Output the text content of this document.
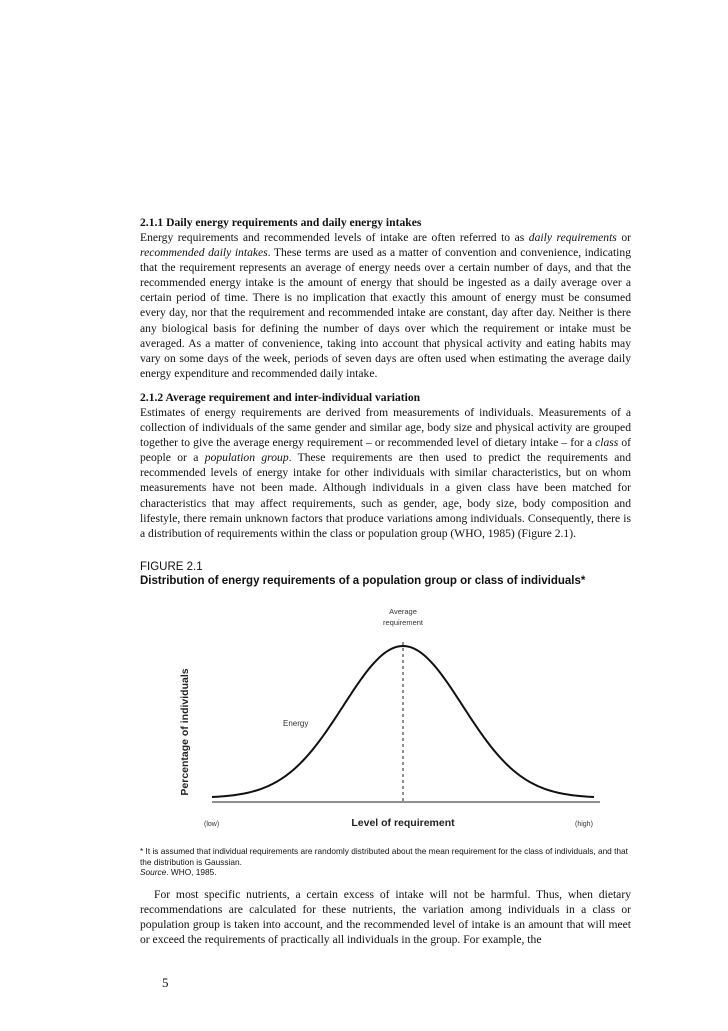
2.1.1 Daily energy requirements and daily energy intakes

Energy requirements and recommended levels of intake are often referred to as daily requirements or recommended daily intakes. These terms are used as a matter of convention and convenience, indicating that the requirement represents an average of energy needs over a certain number of days, and that the recommended energy intake is the amount of energy that should be ingested as a daily average over a certain period of time. There is no implication that exactly this amount of energy must be consumed every day, nor that the requirement and recommended intake are constant, day after day. Neither is there any biological basis for defining the number of days over which the requirement or intake must be averaged. As a matter of convenience, taking into account that physical activity and eating habits may vary on some days of the week, periods of seven days are often used when estimating the average daily energy expenditure and recommended daily intake.

2.1.2 Average requirement and inter-individual variation

Estimates of energy requirements are derived from measurements of individuals. Measurements of a collection of individuals of the same gender and similar age, body size and physical activity are grouped together to give the average energy requirement – or recommended level of dietary intake – for a class of people or a population group. These requirements are then used to predict the requirements and recommended levels of energy intake for other individuals with similar characteristics, but on whom measurements have not been made. Although individuals in a given class have been matched for characteristics that may affect requirements, such as gender, age, body size, body composition and lifestyle, there remain unknown factors that produce variations among individuals. Consequently, there is a distribution of requirements within the class or population group (WHO, 1985) (Figure 2.1).

FIGURE 2.1
Distribution of energy requirements of a population group or class of individuals*
Average
requirement
Energy
Percentage of individuals
Level of requirement
(low)	(high)
* It is assumed that individual requirements are randomly distributed about the mean requirement for the class of individuals, and that the distribution is Gaussian.
Source. WHO, 1985.

For most specific nutrients, a certain excess of intake will not be harmful. Thus, when dietary recommendations are calculated for these nutrients, the variation among individuals in a class or population group is taken into account, and the recommended level of intake is an amount that will meet or exceed the requirements of practically all individuals in the group. For example, the

5
